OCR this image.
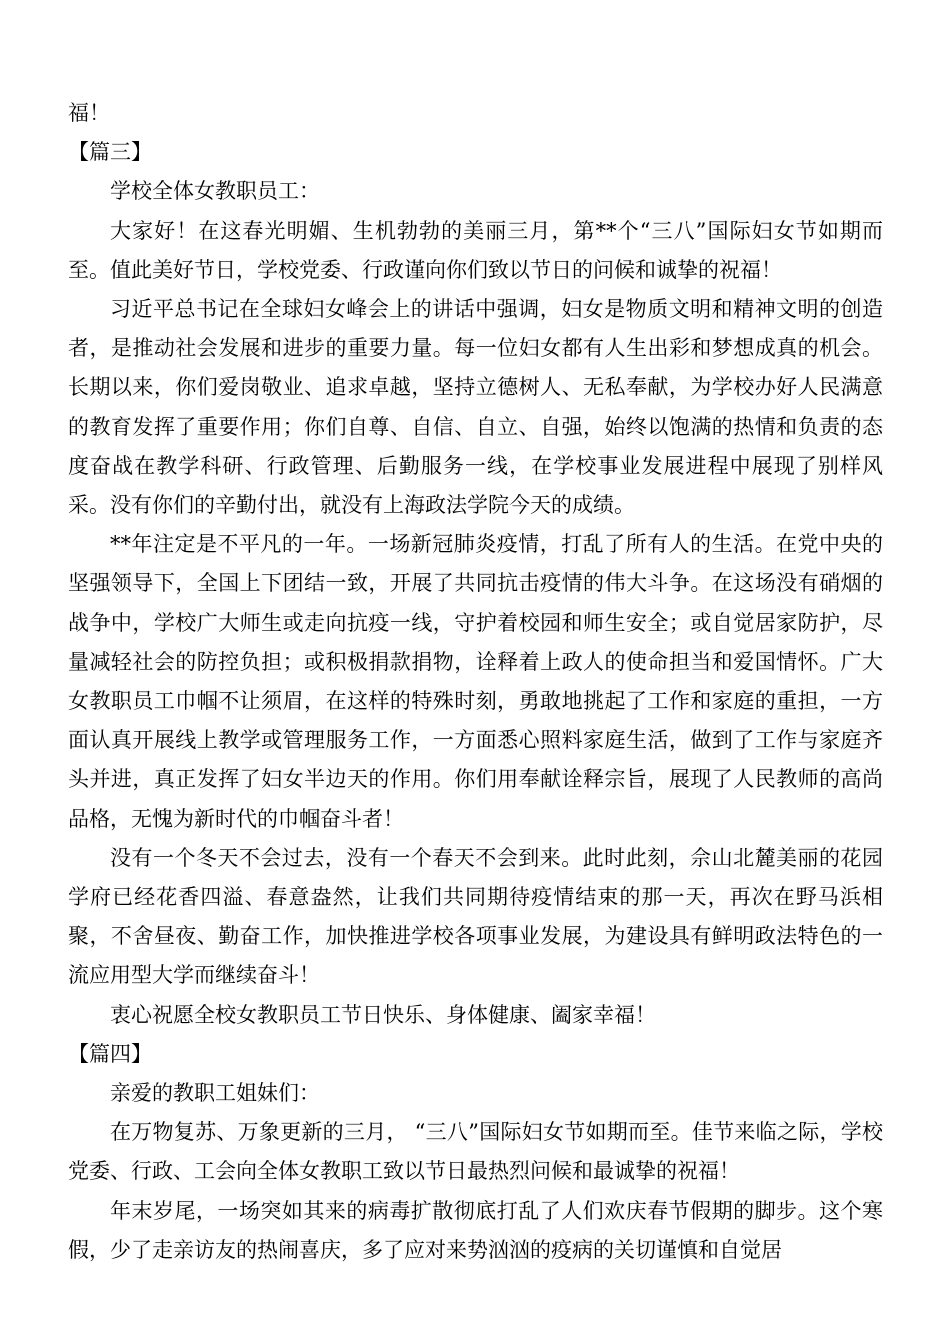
福！

【篇三】

学校全体女教职员工：

大家好！在这春光明媚、生机勃勃的美丽三月，第**个“三八”国际妇女节如期而至。值此美好节日，学校党委、行政谨向你们致以节日的问候和诚挚的祝福！

习近平总书记在全球妇女峰会上的讲话中强调，妇女是物质文明和精神文明的创造者，是推动社会发展和进步的重要力量。每一位妇女都有人生出彩和梦想成真的机会。长期以来，你们爱岗敬业、追求卓越，坚持立德树人、无私奉献，为学校办好人民满意的教育发挥了重要作用；你们自尊、自信、自立、自强，始终以饱满的热情和负责的态度奋战在教学科研、行政管理、后勤服务一线，在学校事业发展进程中展现了别样风采。没有你们的辛勤付出，就没有上海政法学院今天的成绩。

**年注定是不平凡的一年。一场新冠肺炎疫情，打乱了所有人的生活。在党中央的坚强领导下，全国上下团结一致，开展了共同抗击疫情的伟大斗争。在这场没有硝烟的战争中，学校广大师生或走向抗疫一线，守护着校园和师生安全；或自觉居家防护，尽量减轻社会的防控负担；或积极捐款捐物，诠释着上政人的使命担当和爱国情怀。广大女教职员工巾帼不让须眉，在这样的特殊时刻，勇敢地挑起了工作和家庭的重担，一方面认真开展线上教学或管理服务工作，一方面悉心照料家庭生活，做到了工作与家庭齐头并进，真正发挥了妇女半边天的作用。你们用奉献诠释宗旨，展现了人民教师的高尚品格，无愧为新时代的巾帼奋斗者！

没有一个冬天不会过去，没有一个春天不会到来。此时此刻，佘山北麓美丽的花园学府已经花香四溢、春意盎然，让我们共同期待疫情结束的那一天，再次在野马浜相聚，不舍昼夜、勤奋工作，加快推进学校各项事业发展，为建设具有鲜明政法特色的一流应用型大学而继续奋斗！

衷心祝愿全校女教职员工节日快乐、身体健康、阖家幸福！

【篇四】

亲爱的教职工姐妹们：

在万物复苏、万象更新的三月， “三八”国际妇女节如期而至。佳节来临之际，学校党委、行政、工会向全体女教职工致以节日最热烈问候和最诚挚的祝福！

年末岁尾，一场突如其来的病毒扩散彻底打乱了人们欢庆春节假期的脚步。这个寒假，少了走亲访友的热闹喜庆，多了应对来势汹汹的疫病的关切谨慎和自觉居
